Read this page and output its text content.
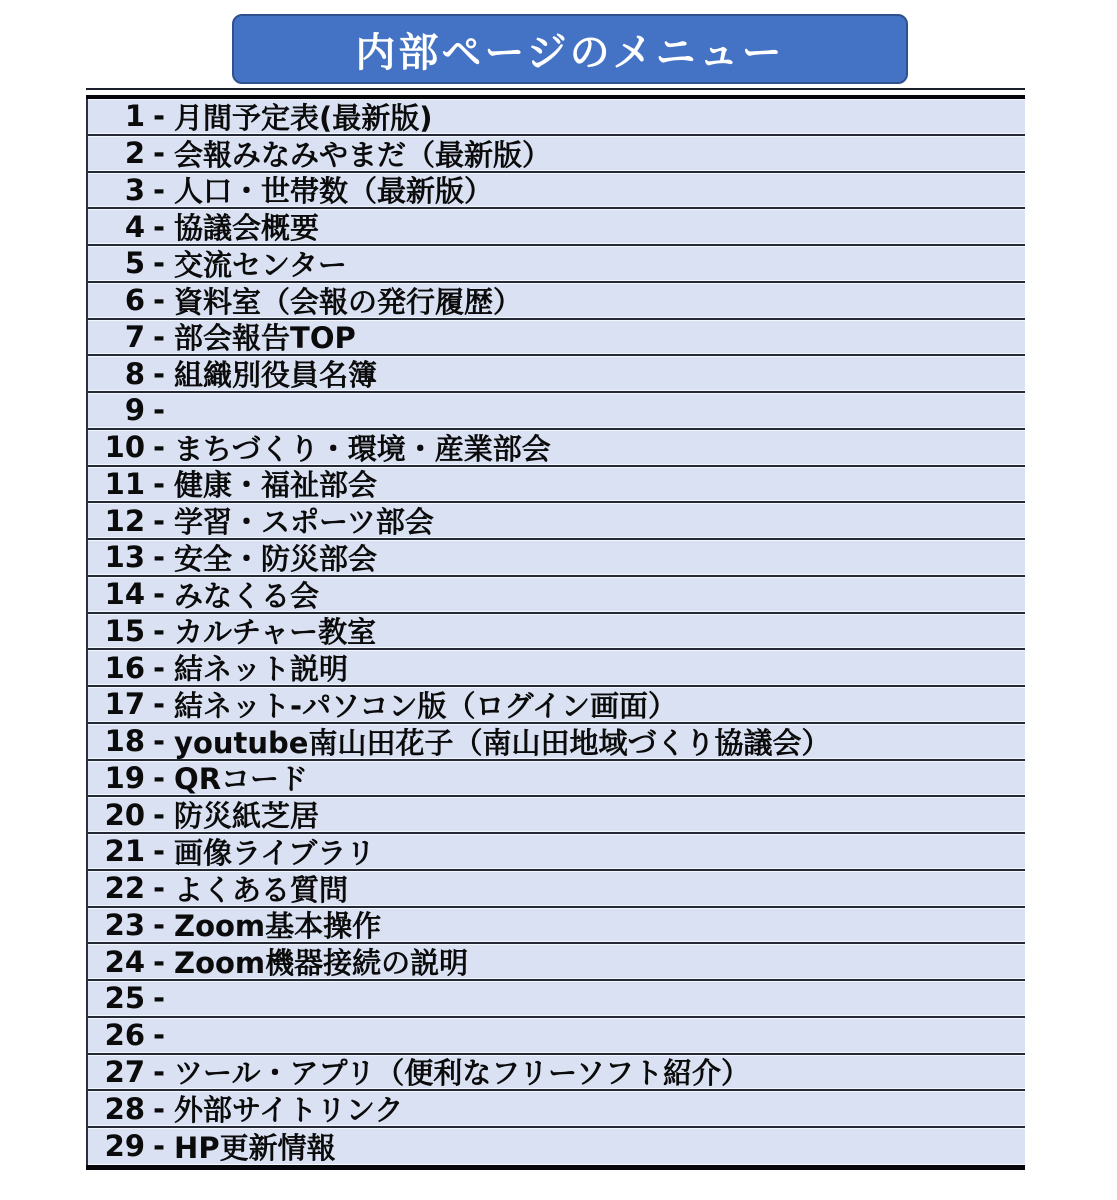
内部ページのメニュー
1 - 月間予定表(最新版)
2 - 会報みなみやまだ（最新版）
3 - 人口・世帯数（最新版）
4 - 協議会概要
5 - 交流センター
6 - 資料室（会報の発行履歴）
7 - 部会報告TOP
8 - 組織別役員名簿
9 -
10 - まちづくり・環境・産業部会
11 - 健康・福祉部会
12 - 学習・スポーツ部会
13 - 安全・防災部会
14 - みなくる会
15 - カルチャー教室
16 - 結ネット説明
17 - 結ネット-パソコン版（ログイン画面）
18 - youtube南山田花子（南山田地域づくり協議会）
19 - QRコード
20 - 防災紙芝居
21 - 画像ライブラリ
22 - よくある質問
23 - Zoom基本操作
24 - Zoom機器接続の説明
25 -
26 -
27 - ツール・アプリ（便利なフリーソフト紹介）
28 - 外部サイトリンク
29 - HP更新情報
